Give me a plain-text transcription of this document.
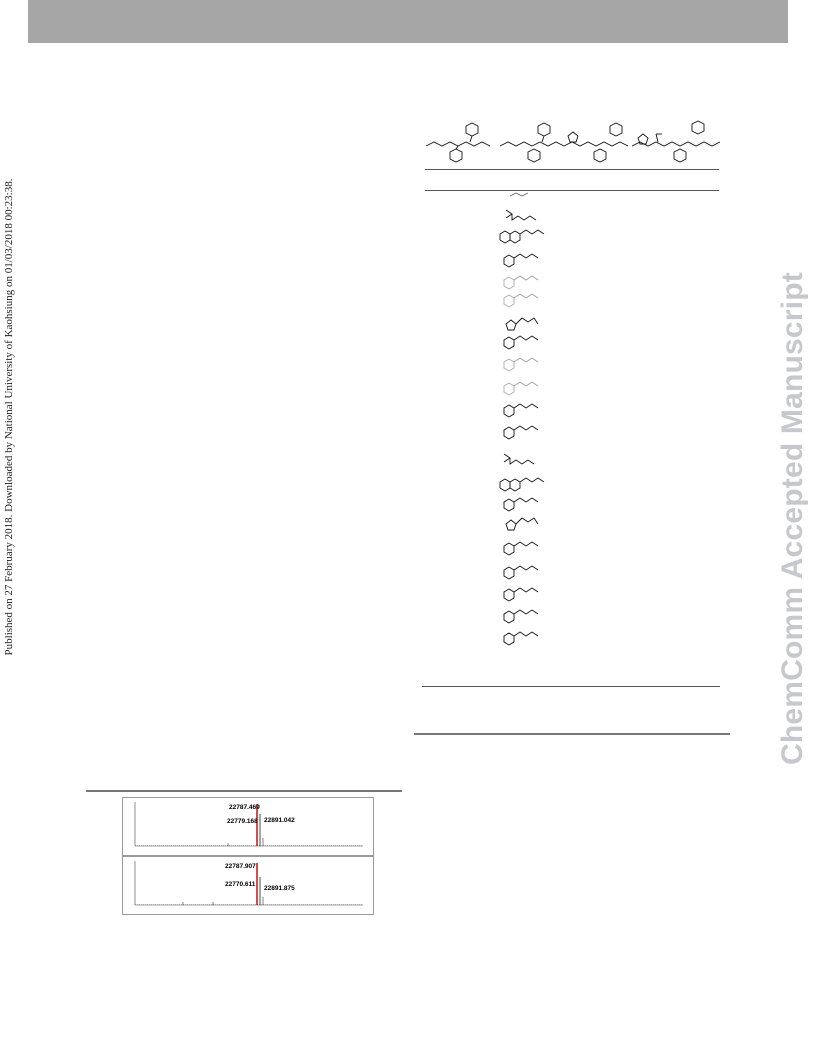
Published on 27 February 2018. Downloaded by National University of Kaohsiung on 01/03/2018 00:23:38.	ChemComm Accepted Manuscript
22787.469
22779.168 22891.042
22787.907
22770.611
22891.875
